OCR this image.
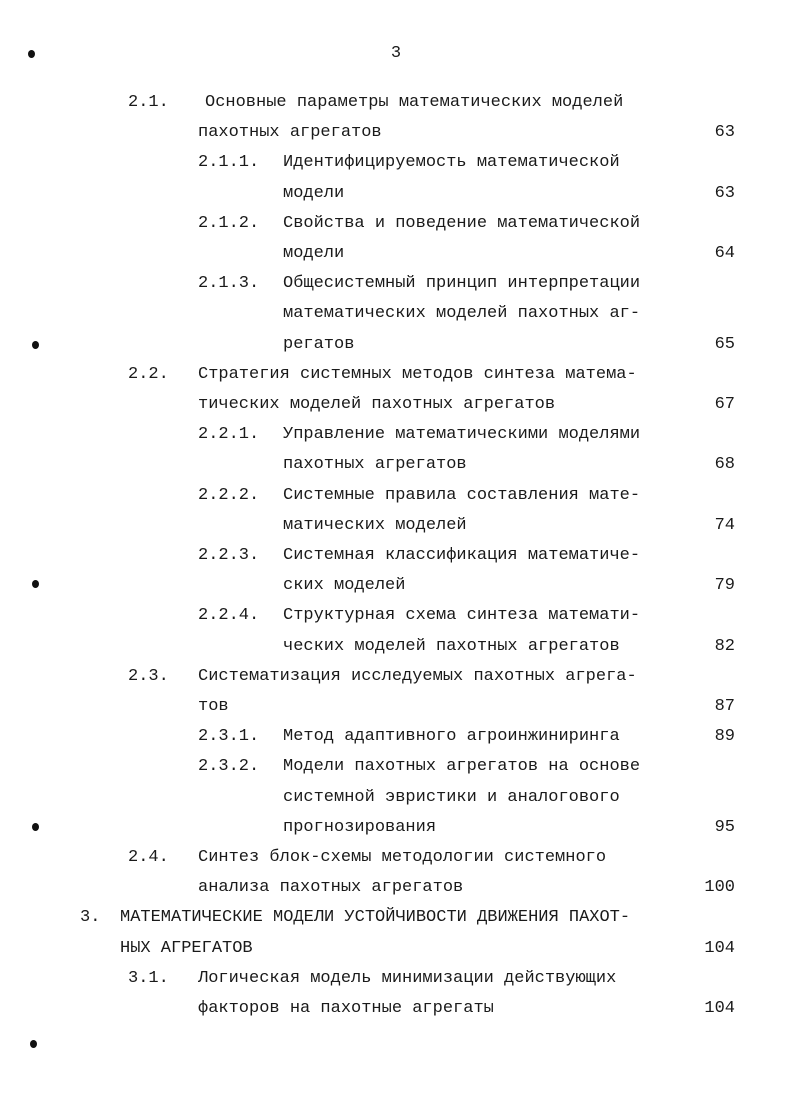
3
2.1. Основные параметры математических моделей
пахотных агрегатов	63
2.1.1. Идентифицируемость математической
модели	63
2.1.2. Свойства и поведение математической
модели	64
2.1.3. Общесистемный принцип интерпретации
математических моделей пахотных аг-
регатов	65
2.2. Стратегия системных методов синтеза матема-
тических моделей пахотных агрегатов	67
2.2.1. Управление математическими моделями
пахотных агрегатов	68
2.2.2. Системные правила составления мате-
матических моделей	74
2.2.3. Системная классификация математиче-
ских моделей	79
2.2.4. Структурная схема синтеза математи-
ческих моделей пахотных агрегатов	82
2.3. Систематизация исследуемых пахотных агрега-
тов	87
2.3.1. Метод адаптивного агроинжиниринга	89
2.3.2. Модели пахотных агрегатов на основе
системной эвристики и аналогового
прогнозирования	95
2.4. Синтез блок-схемы методологии системного
анализа пахотных агрегатов	100
3. МАТЕМАТИЧЕСКИЕ МОДЕЛИ УСТОЙЧИВОСТИ ДВИЖЕНИЯ ПАХОТ-
НЫХ АГРЕГАТОВ	104
3.1. Логическая модель минимизации действующих
факторов на пахотные агрегаты	104
